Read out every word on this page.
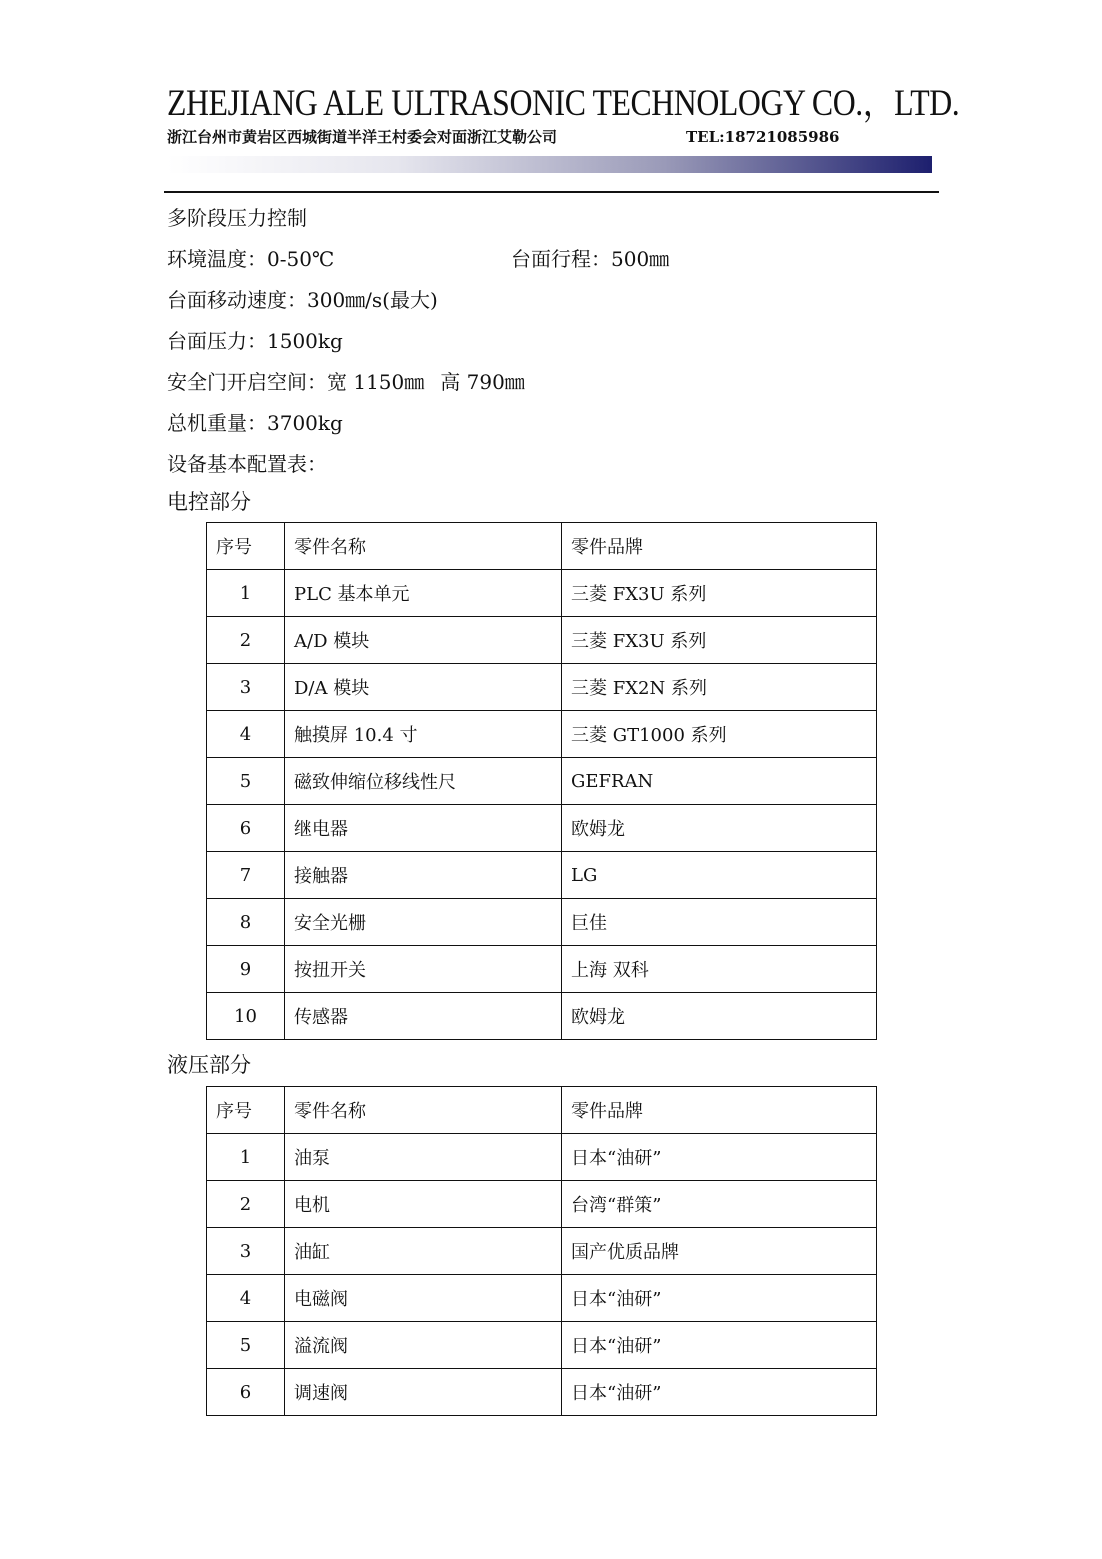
ZHEJIANG ALE ULTRASONIC TECHNOLOGY CO.，LTD.
浙江台州市黄岩区西城街道半洋王村委会对面浙江艾勒公司	TEL:18721085986
多阶段压力控制
环境温度：0-50℃	台面行程：500㎜
台面移动速度：300㎜/s(最大)
台面压力：1500kg
安全门开启空间：宽 1150㎜ 高 790㎜
总机重量：3700kg
设备基本配置表：
电控部分
序号	零件名称	零件品牌
1	PLC 基本单元	三菱 FX3U 系列
2	A/D 模块	三菱 FX3U 系列
3	D/A 模块	三菱 FX2N 系列
4	触摸屏 10.4 寸	三菱 GT1000 系列
5	磁致伸缩位移线性尺	GEFRAN
6	继电器	欧姆龙
7	接触器	LG
8	安全光栅	巨佳
9	按扭开关	上海 双科
10	传感器	欧姆龙
液压部分
序号	零件名称	零件品牌
1	油泵	日本“油研”
2	电机	台湾“群策”
3	油缸	国产优质品牌
4	电磁阀	日本“油研”
5	溢流阀	日本“油研”
6	调速阀	日本“油研”
